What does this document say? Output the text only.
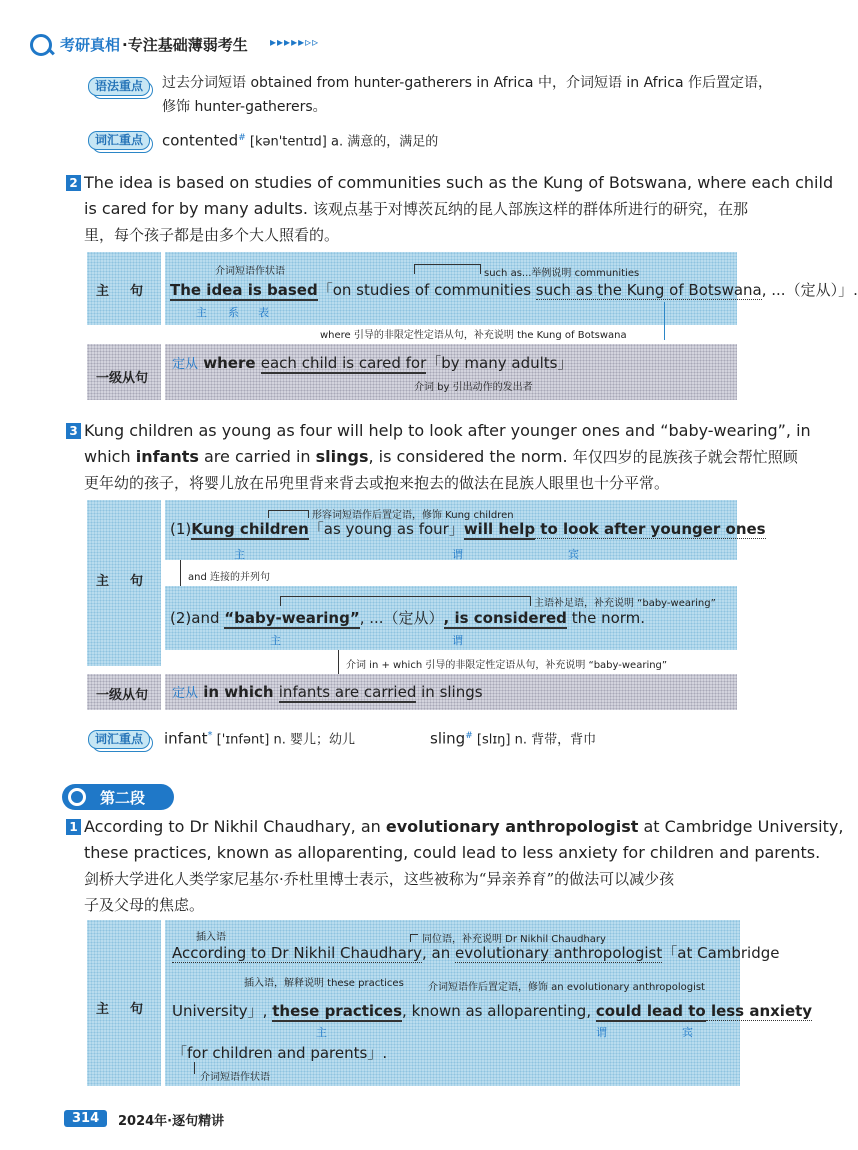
考研真相 ·专注基础薄弱考生 ▸▸▸▸▸▹▹
语法重点	过去分词短语 obtained from hunter-gatherers in Africa 中，介词短语 in Africa 作后置定语，
修饰 hunter-gatherers。
词汇重点	contented# [kən'tentɪd] a. 满意的，满足的
2 The idea is based on studies of communities such as the Kung of Botswana, where each child
is cared for by many adults. 该观点基于对博茨瓦纳的昆人部族这样的群体所进行的研究，在那
里，每个孩子都是由多个大人照看的。
主  句
介词短语作状语	such as...举例说明 communities
The idea is based「on studies of communities such as the Kung of Botswana, ...（定从）」.
主 系 表
where 引导的非限定性定语从句，补充说明 the Kung of Botswana
一级从句
定从 where each child is cared for「by many adults」
介词 by 引出动作的发出者
3 Kung children as young as four will help to look after younger ones and “baby-wearing”, in
which infants are carried in slings, is considered the norm. 年仅四岁的昆族孩子就会帮忙照顾
更年幼的孩子，将婴儿放在吊兜里背来背去或抱来抱去的做法在昆族人眼里也十分平常。
主  句
形容词短语作后置定语，修饰 Kung children
(1)Kung children「as young as four」will help to look after younger ones
主	谓	宾
and 连接的并列句
主语补足语，补充说明 “baby-wearing”
(2)and “baby-wearing”, ...（定从）, is considered the norm.
主	谓
介词 in + which 引导的非限定性定语从句，补充说明 “baby-wearing”
一级从句 定从 in which infants are carried in slings
词汇重点	infant* ['ɪnfənt] n. 婴儿；幼儿	sling# [slɪŋ] n. 背带，背巾
第二段
1 According to Dr Nikhil Chaudhary, an evolutionary anthropologist at Cambridge University,
these practices, known as alloparenting, could lead to less anxiety for children and parents.
剑桥大学进化人类学家尼基尔·乔杜里博士表示，这些被称为“异亲养育”的做法可以减少孩
子及父母的焦虑。
主  句
插入语	同位语，补充说明 Dr Nikhil Chaudhary
According to Dr Nikhil Chaudhary, an evolutionary anthropologist「at Cambridge
插入语，解释说明 these practices 介词短语作后置定语，修饰 an evolutionary anthropologist
University」, these practices, known as alloparenting, could lead to less anxiety
主	谓	宾
「for children and parents」.
介词短语作状语
314	2024年·逐句精讲
